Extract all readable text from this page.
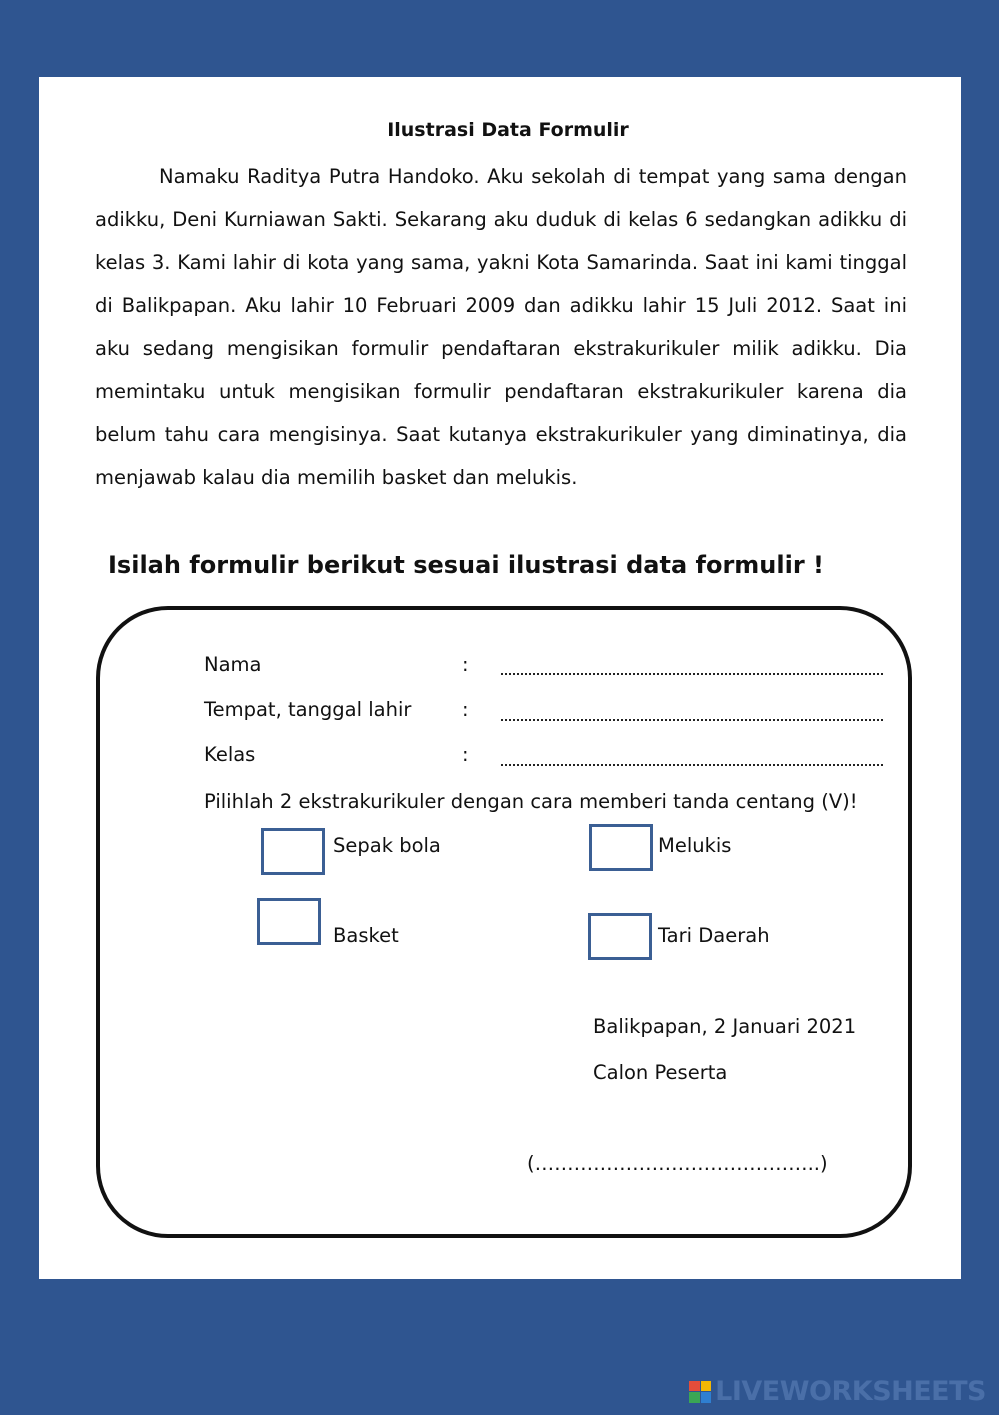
Ilustrasi Data Formulir

Namaku Raditya Putra Handoko. Aku sekolah di tempat yang sama dengan adikku, Deni Kurniawan Sakti. Sekarang aku duduk di kelas 6 sedangkan adikku di kelas 3. Kami lahir di kota yang sama, yakni Kota Samarinda. Saat ini kami tinggal di Balikpapan. Aku lahir 10 Februari 2009 dan adikku lahir 15 Juli 2012. Saat ini aku sedang mengisikan formulir pendaftaran ekstrakurikuler milik adikku. Dia memintaku untuk mengisikan formulir pendaftaran ekstrakurikuler karena dia belum tahu cara mengisinya. Saat kutanya ekstrakurikuler yang diminatinya, dia menjawab kalau dia memilih basket dan melukis.

Isilah formulir berikut sesuai ilustrasi data formulir !
Nama	:
Tempat, tanggal lahir	:
Kelas	:
Pilihlah 2 ekstrakurikuler dengan cara memberi tanda centang (V)!
Sepak bola	Melukis
Basket	Tari Daerah
Balikpapan, 2 Januari 2021
Calon Peserta
(……………………………………..)
LIVEWORKSHEETS
